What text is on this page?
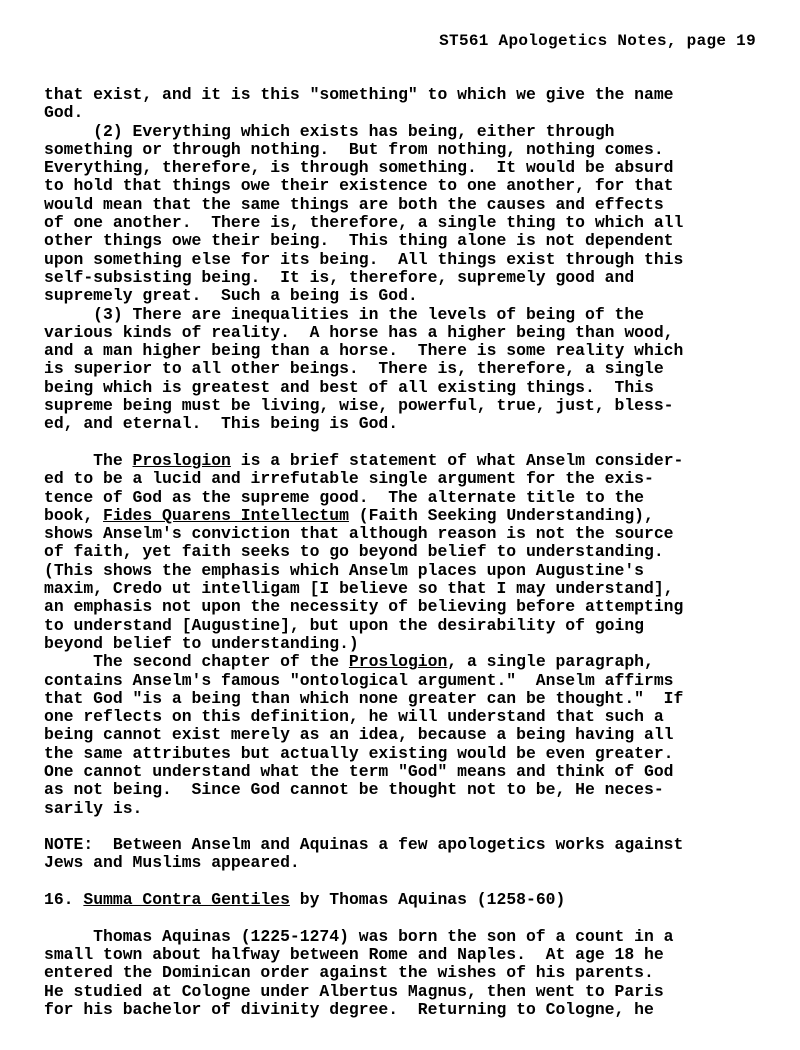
ST561 Apologetics Notes, page 19
that exist, and it is this "something" to which we give the name
God.
(2) Everything which exists has being, either through
something or through nothing.  But from nothing, nothing comes.
Everything, therefore, is through something.  It would be absurd
to hold that things owe their existence to one another, for that
would mean that the same things are both the causes and effects
of one another.  There is, therefore, a single thing to which all
other things owe their being.  This thing alone is not dependent
upon something else for its being.  All things exist through this
self-subsisting being.  It is, therefore, supremely good and
supremely great.  Such a being is God.
(3) There are inequalities in the levels of being of the
various kinds of reality.  A horse has a higher being than wood,
and a man higher being than a horse.  There is some reality which
is superior to all other beings.  There is, therefore, a single
being which is greatest and best of all existing things.  This
supreme being must be living, wise, powerful, true, just, bless-
ed, and eternal.  This being is God.
The Proslogion is a brief statement of what Anselm consider-
ed to be a lucid and irrefutable single argument for the exis-
tence of God as the supreme good.  The alternate title to the
book, Fides Quarens Intellectum (Faith Seeking Understanding),
shows Anselm's conviction that although reason is not the source
of faith, yet faith seeks to go beyond belief to understanding.
(This shows the emphasis which Anselm places upon Augustine's
maxim, Credo ut intelligam [I believe so that I may understand],
an emphasis not upon the necessity of believing before attempting
to understand [Augustine], but upon the desirability of going
beyond belief to understanding.)
The second chapter of the Proslogion, a single paragraph,
contains Anselm's famous "ontological argument."  Anselm affirms
that God "is a being than which none greater can be thought."  If
one reflects on this definition, he will understand that such a
being cannot exist merely as an idea, because a being having all
the same attributes but actually existing would be even greater.
One cannot understand what the term "God" means and think of God
as not being.  Since God cannot be thought not to be, He neces-
sarily is.
NOTE:  Between Anselm and Aquinas a few apologetics works against
Jews and Muslims appeared.
16. Summa Contra Gentiles by Thomas Aquinas (1258-60)
Thomas Aquinas (1225-1274) was born the son of a count in a
small town about halfway between Rome and Naples.  At age 18 he
entered the Dominican order against the wishes of his parents.
He studied at Cologne under Albertus Magnus, then went to Paris
for his bachelor of divinity degree.  Returning to Cologne, he
